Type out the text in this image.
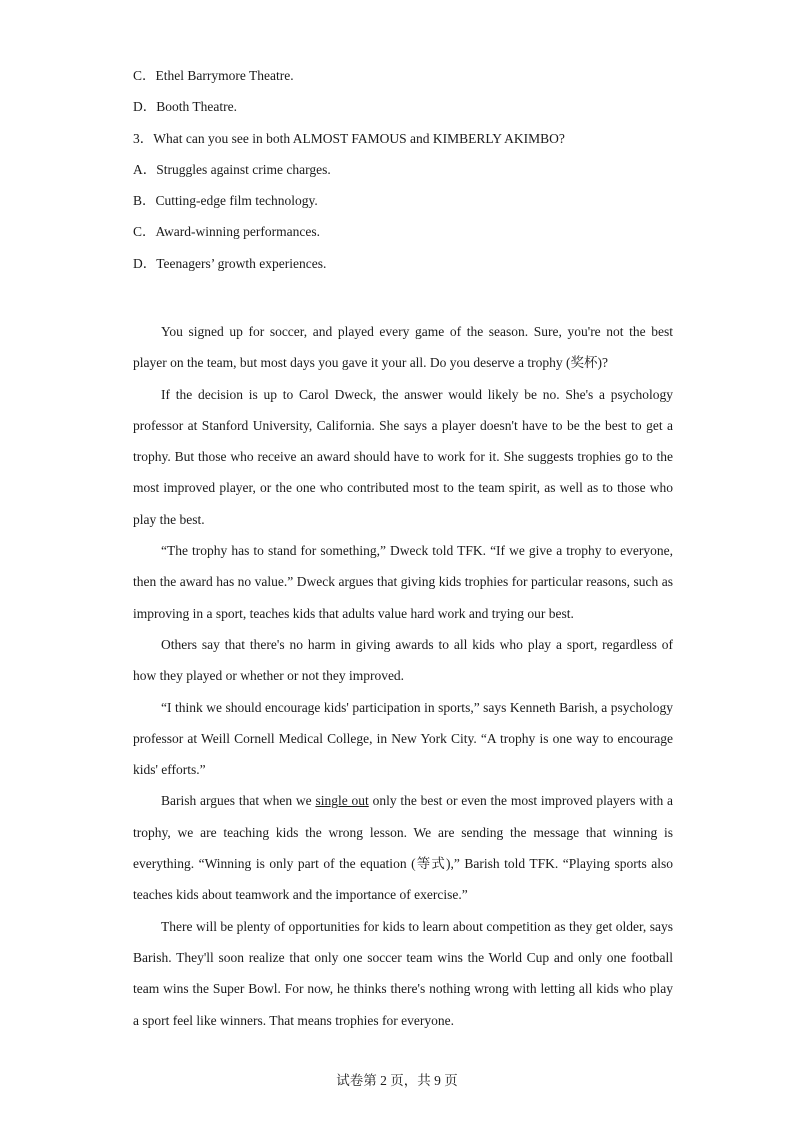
C．Ethel Barrymore Theatre.
D．Booth Theatre.
3．What can you see in both ALMOST FAMOUS and KIMBERLY AKIMBO?
A．Struggles against crime charges.
B．Cutting-edge film technology.
C．Award-winning performances.
D．Teenagers’ growth experiences.

You signed up for soccer, and played every game of the season. Sure, you're not the best player on the team, but most days you gave it your all. Do you deserve a trophy (奖杯)?

If the decision is up to Carol Dweck, the answer would likely be no. She's a psychology professor at Stanford University, California. She says a player doesn't have to be the best to get a trophy. But those who receive an award should have to work for it. She suggests trophies go to the most improved player, or the one who contributed most to the team spirit, as well as to those who play the best.

“The trophy has to stand for something,” Dweck told TFK. “If we give a trophy to everyone, then the award has no value.” Dweck argues that giving kids trophies for particular reasons, such as improving in a sport, teaches kids that adults value hard work and trying our best.

Others say that there's no harm in giving awards to all kids who play a sport, regardless of how they played or whether or not they improved.

“I think we should encourage kids' participation in sports,” says Kenneth Barish, a psychology professor at Weill Cornell Medical College, in New York City. “A trophy is one way to encourage kids' efforts.”

Barish argues that when we single out only the best or even the most improved players with a trophy, we are teaching kids the wrong lesson. We are sending the message that winning is everything. “Winning is only part of the equation (等式),” Barish told TFK. “Playing sports also teaches kids about teamwork and the importance of exercise.”

There will be plenty of opportunities for kids to learn about competition as they get older, says Barish. They'll soon realize that only one soccer team wins the World Cup and only one football team wins the Super Bowl. For now, he thinks there's nothing wrong with letting all kids who play a sport feel like winners. That means trophies for everyone.

试卷第 2 页，共 9 页
